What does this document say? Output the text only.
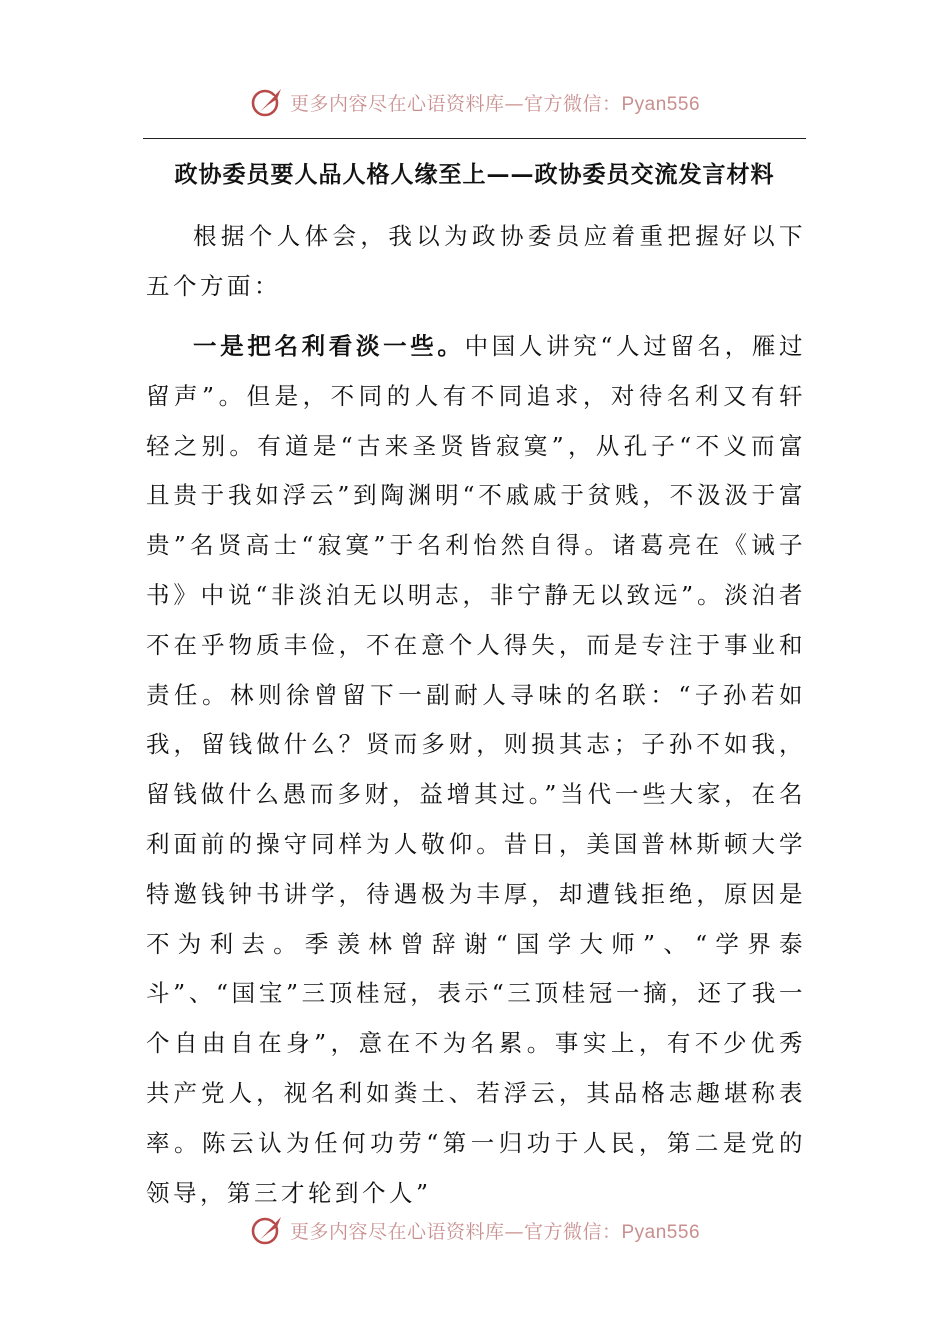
更多内容尽在心语资料库—官方微信：Pyan556
政协委员要人品人格人缘至上——政协委员交流发言材料
根据个人体会，我以为政协委员应着重把握好以下五个方面：
一是把名利看淡一些。中国人讲究“人过留名，雁过留声”。但是，不同的人有不同追求，对待名利又有轩轻之别。有道是“古来圣贤皆寂寞”，从孔子“不义而富且贵于我如浮云”到陶渊明“不戚戚于贫贱，不汲汲于富贵”名贤高士“寂寞”于名利怡然自得。诸葛亮在《诫子书》中说“非淡泊无以明志，非宁静无以致远”。淡泊者不在乎物质丰俭，不在意个人得失，而是专注于事业和责任。林则徐曾留下一副耐人寻味的名联：“子孙若如我，留钱做什么？贤而多财，则损其志；子孙不如我，留钱做什么愚而多财，益增其过。”当代一些大家，在名利面前的操守同样为人敬仰。昔日，美国普林斯顿大学特邀钱钟书讲学，待遇极为丰厚，却遭钱拒绝，原因是不为利去。季羡林曾辞谢“国学大师”、“学界泰斗”、“国宝”三顶桂冠，表示“三顶桂冠一摘，还了我一个自由自在身”，意在不为名累。事实上，有不少优秀共产党人，视名利如粪土、若浮云，其品格志趣堪称表率。陈云认为任何功劳“第一归功于人民，第二是党的领导，第三才轮到个人”
更多内容尽在心语资料库—官方微信：Pyan556
